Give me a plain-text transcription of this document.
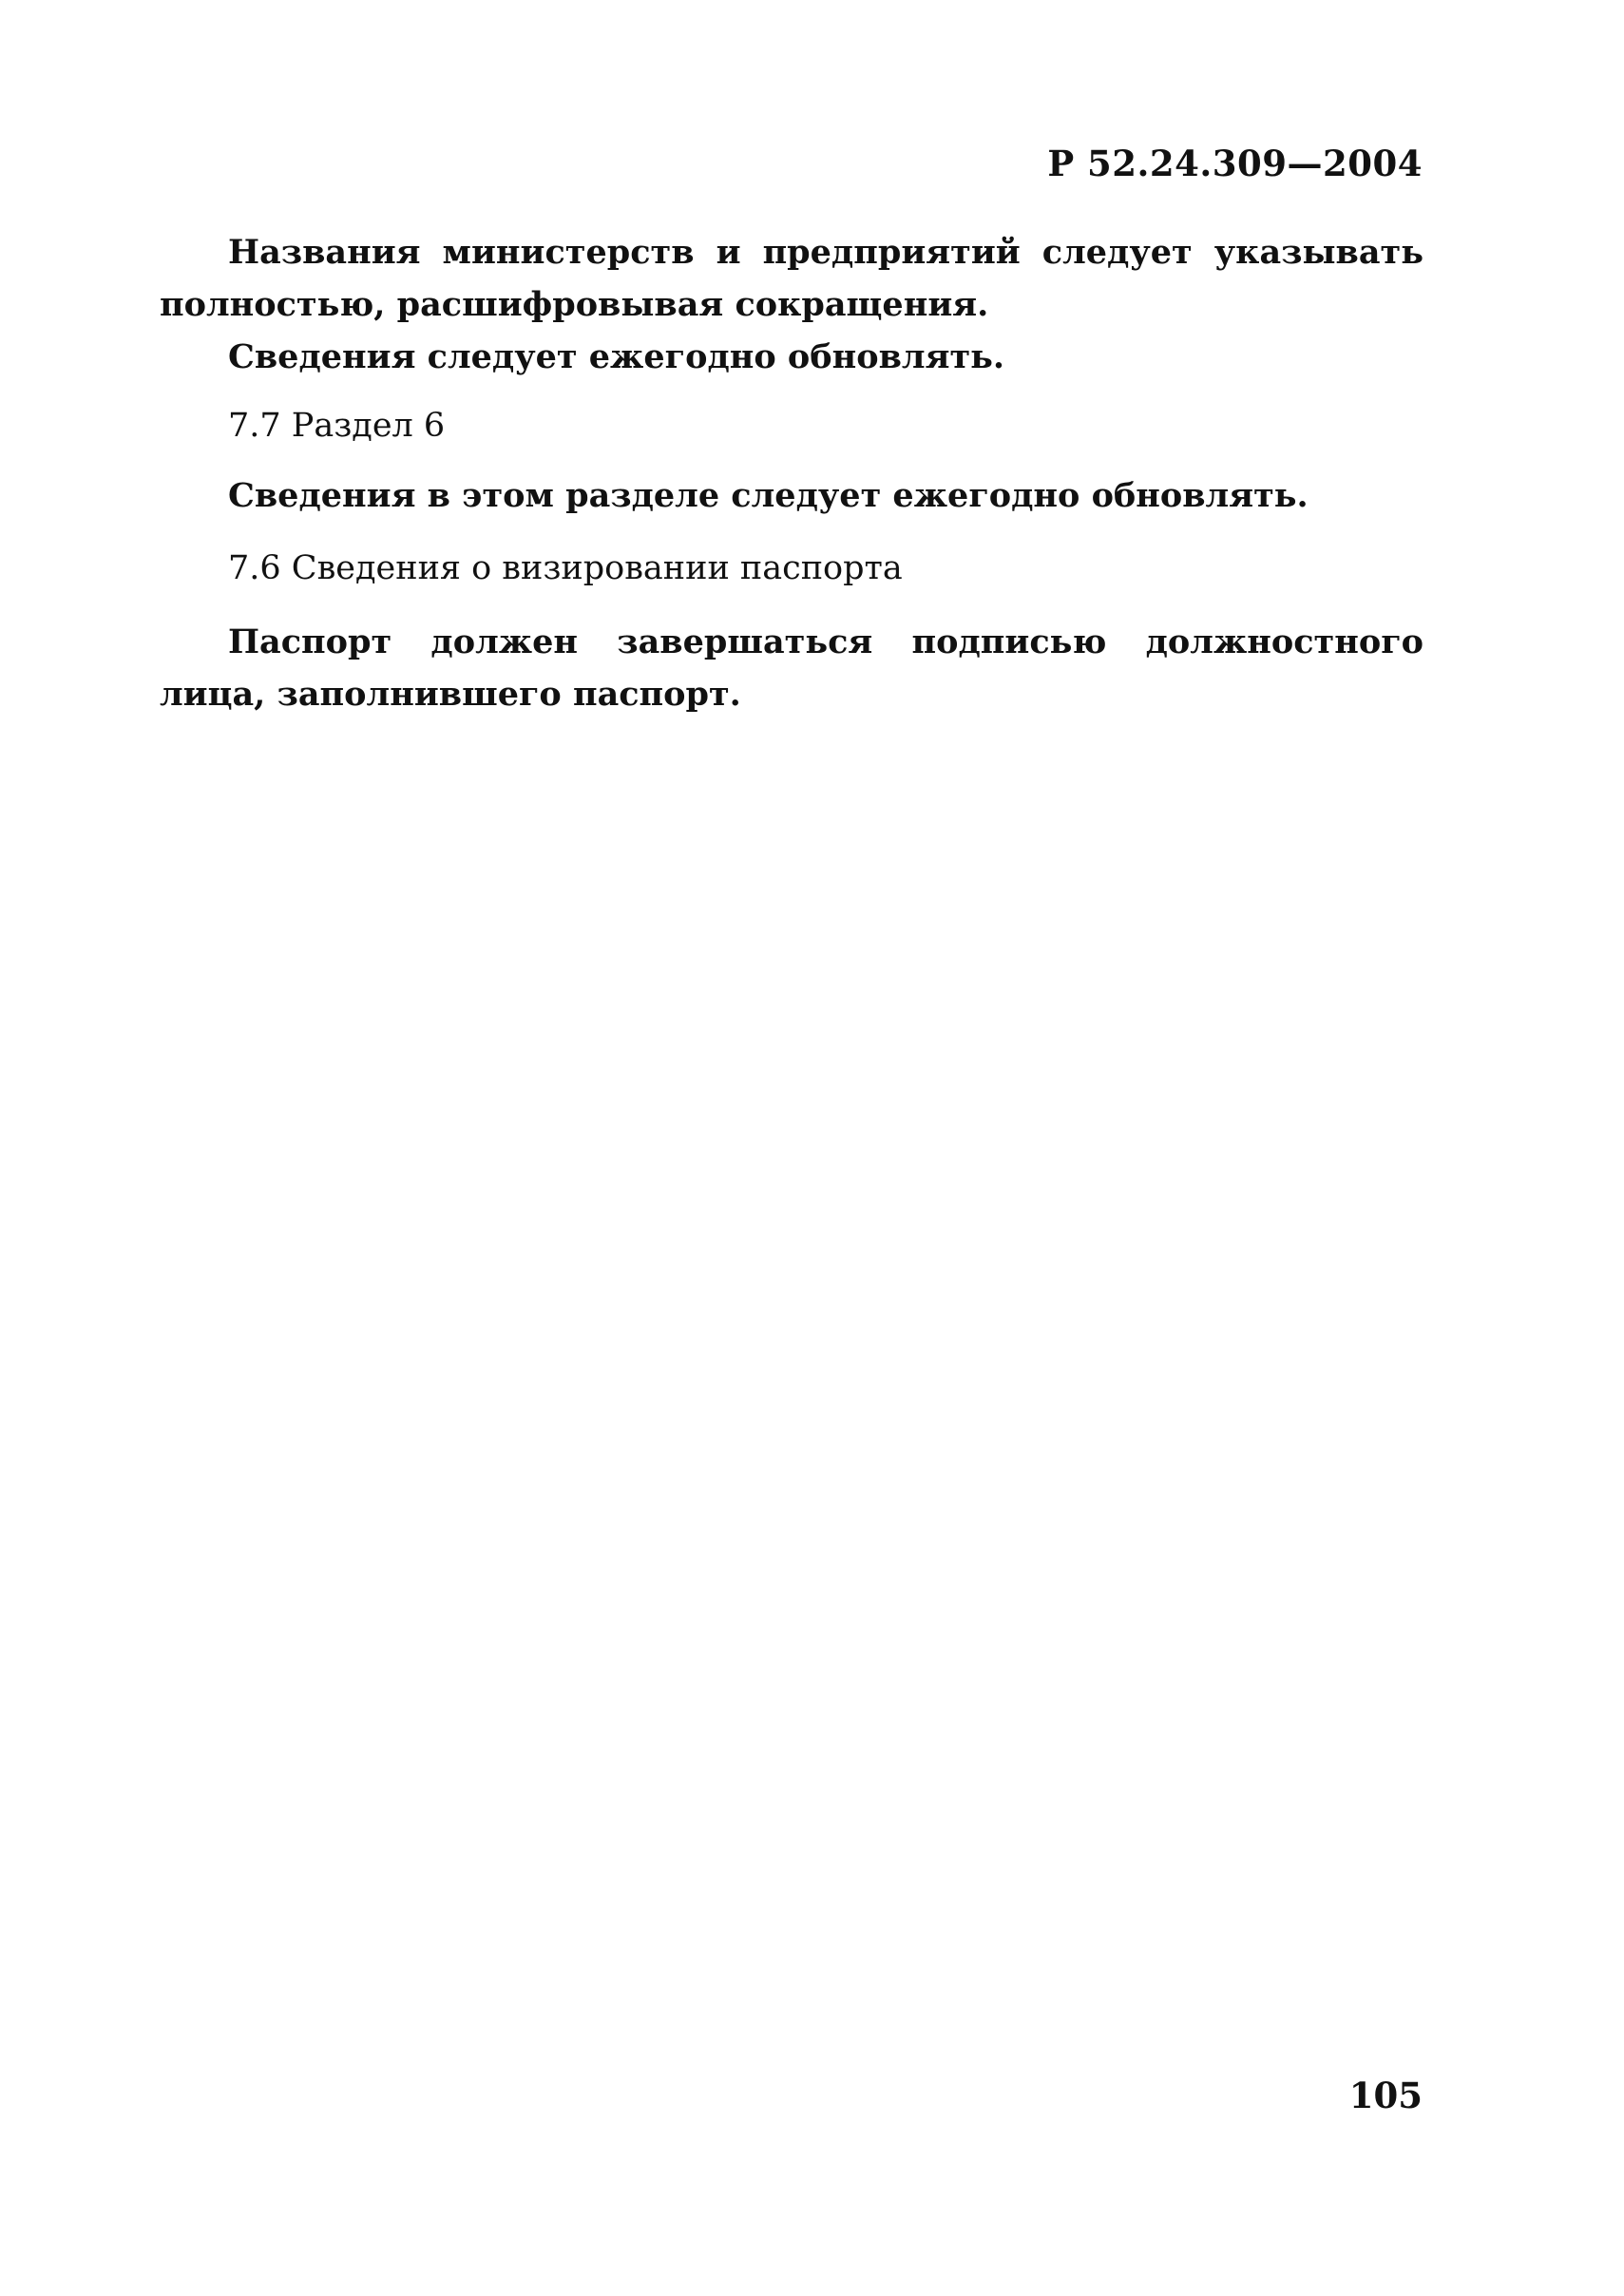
Р 52.24.309—2004

Названия министерств и предприятий следует указывать полностью, расшифровывая сокращения.

Сведения следует ежегодно обновлять.

7.7 Раздел 6

Сведения в этом разделе следует ежегодно обновлять.

7.6 Сведения о визировании паспорта

Паспорт должен завершаться подписью должностного лица, заполнившего паспорт.

105
